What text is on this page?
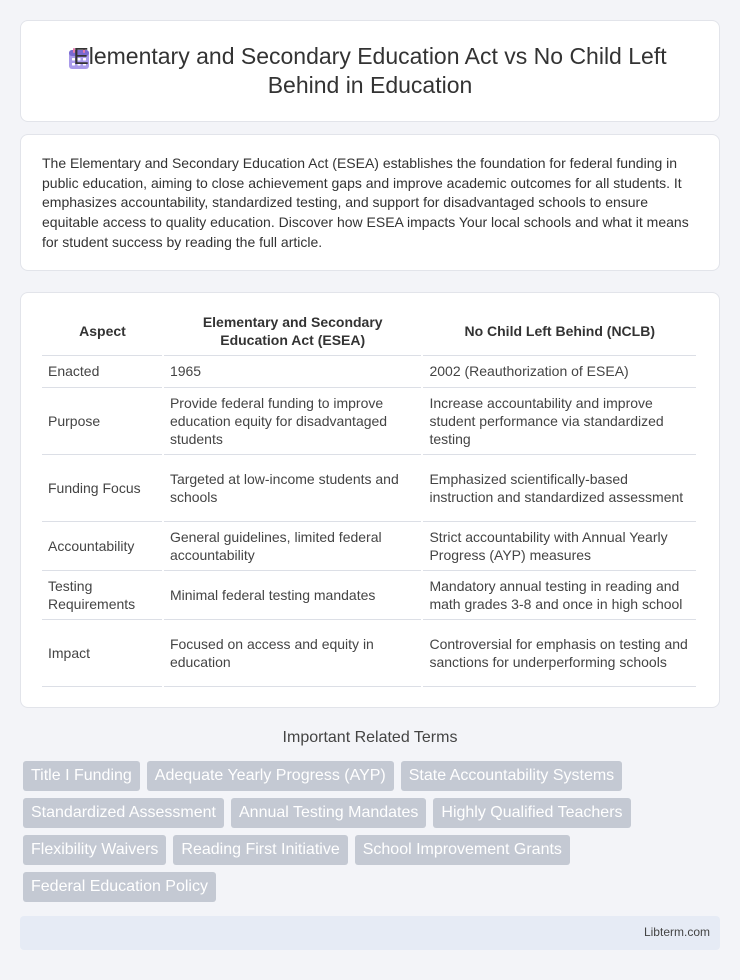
Elementary and Secondary Education Act vs No Child Left Behind in Education

The Elementary and Secondary Education Act (ESEA) establishes the foundation for federal funding in public education, aiming to close achievement gaps and improve academic outcomes for all students. It emphasizes accountability, standardized testing, and support for disadvantaged schools to ensure equitable access to quality education. Discover how ESEA impacts Your local schools and what it means for student success by reading the full article.

Aspect	Elementary and Secondary Education Act (ESEA)	No Child Left Behind (NCLB)
Enacted	1965	2002 (Reauthorization of ESEA)
Purpose	Provide federal funding to improve education equity for disadvantaged students	Increase accountability and improve student performance via standardized testing
Funding Focus	Targeted at low-income students and schools	Emphasized scientifically-based instruction and standardized assessment
Accountability	General guidelines, limited federal accountability	Strict accountability with Annual Yearly Progress (AYP) measures
Testing Requirements	Minimal federal testing mandates	Mandatory annual testing in reading and math grades 3-8 and once in high school
Impact	Focused on access and equity in education	Controversial for emphasis on testing and sanctions for underperforming schools
Important Related Terms
Title I Funding	Adequate Yearly Progress (AYP)	State Accountability Systems
Standardized Assessment	Annual Testing Mandates	Highly Qualified Teachers
Flexibility Waivers	Reading First Initiative	School Improvement Grants
Federal Education Policy
Libterm.com
